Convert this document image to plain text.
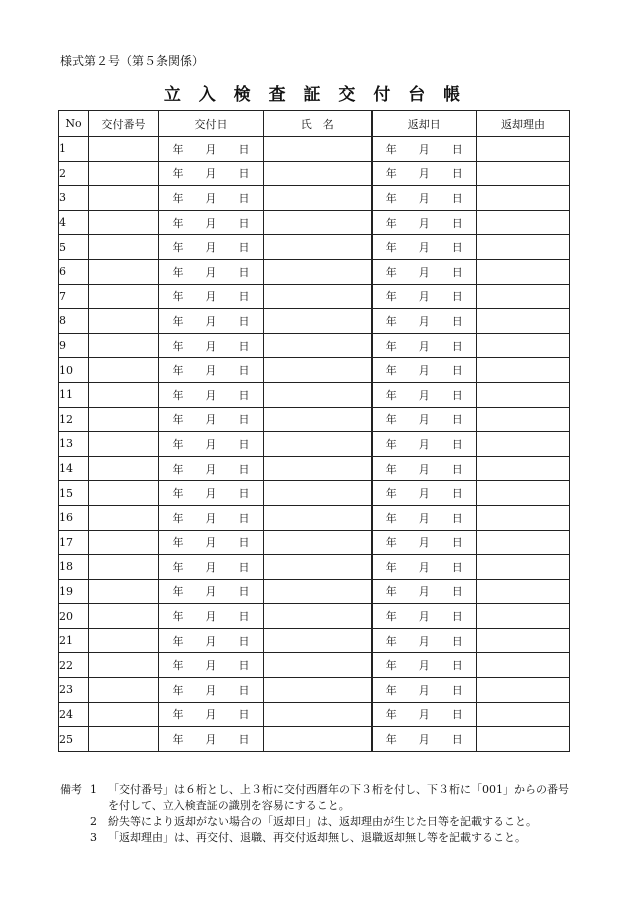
様式第２号（第５条関係）
立 入 検 査 証 交 付 台 帳
No	交付番号	交付日	氏　名	返却日	返却理由
1		年　　月　　日		年　　月　　日	
2		年　　月　　日		年　　月　　日	
3		年　　月　　日		年　　月　　日	
4		年　　月　　日		年　　月　　日	
5		年　　月　　日		年　　月　　日	
6		年　　月　　日		年　　月　　日	
7		年　　月　　日		年　　月　　日	
8		年　　月　　日		年　　月　　日	
9		年　　月　　日		年　　月　　日	
10		年　　月　　日		年　　月　　日	
11		年　　月　　日		年　　月　　日	
12		年　　月　　日		年　　月　　日	
13		年　　月　　日		年　　月　　日	
14		年　　月　　日		年　　月　　日	
15		年　　月　　日		年　　月　　日	
16		年　　月　　日		年　　月　　日	
17		年　　月　　日		年　　月　　日	
18		年　　月　　日		年　　月　　日	
19		年　　月　　日		年　　月　　日	
20		年　　月　　日		年　　月　　日	
21		年　　月　　日		年　　月　　日	
22		年　　月　　日		年　　月　　日	
23		年　　月　　日		年　　月　　日	
24		年　　月　　日		年　　月　　日	
25		年　　月　　日		年　　月　　日	
備考 1	「交付番号」は６桁とし、上３桁に交付西暦年の下３桁を付し、下３桁に「001」からの番号を付して、立入検査証の識別を容易にすること。
2	紛失等により返却がない場合の「返却日」は、返却理由が生じた日等を記載すること。
3	「返却理由」は、再交付、退職、再交付返却無し、退職返却無し等を記載すること。
